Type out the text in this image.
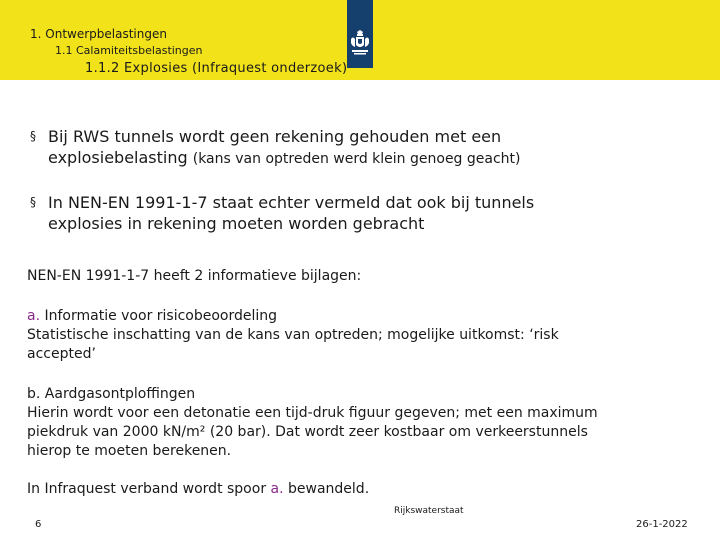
1. Ontwerpbelastingen
1.1 Calamiteitsbelastingen
1.1.2 Explosies (Infraquest onderzoek)
§ Bij RWS tunnels wordt geen rekening gehouden met een
explosiebelasting (kans van optreden werd klein genoeg geacht)
§ In NEN-EN 1991-1-7 staat echter vermeld dat ook bij tunnels
explosies in rekening moeten worden gebracht
NEN-EN 1991-1-7 heeft 2 informatieve bijlagen:
a. Informatie voor risicobeoordeling
Statistische inschatting van de kans van optreden; mogelijke uitkomst: ‘risk
accepted’
b. Aardgasontploffingen
Hierin wordt voor een detonatie een tijd-druk figuur gegeven; met een maximum
piekdruk van 2000 kN/m² (20 bar). Dat wordt zeer kostbaar om verkeerstunnels
hierop te moeten berekenen.
In Infraquest verband wordt spoor a. bewandeld.
Rijkswaterstaat
6	26-1-2022
